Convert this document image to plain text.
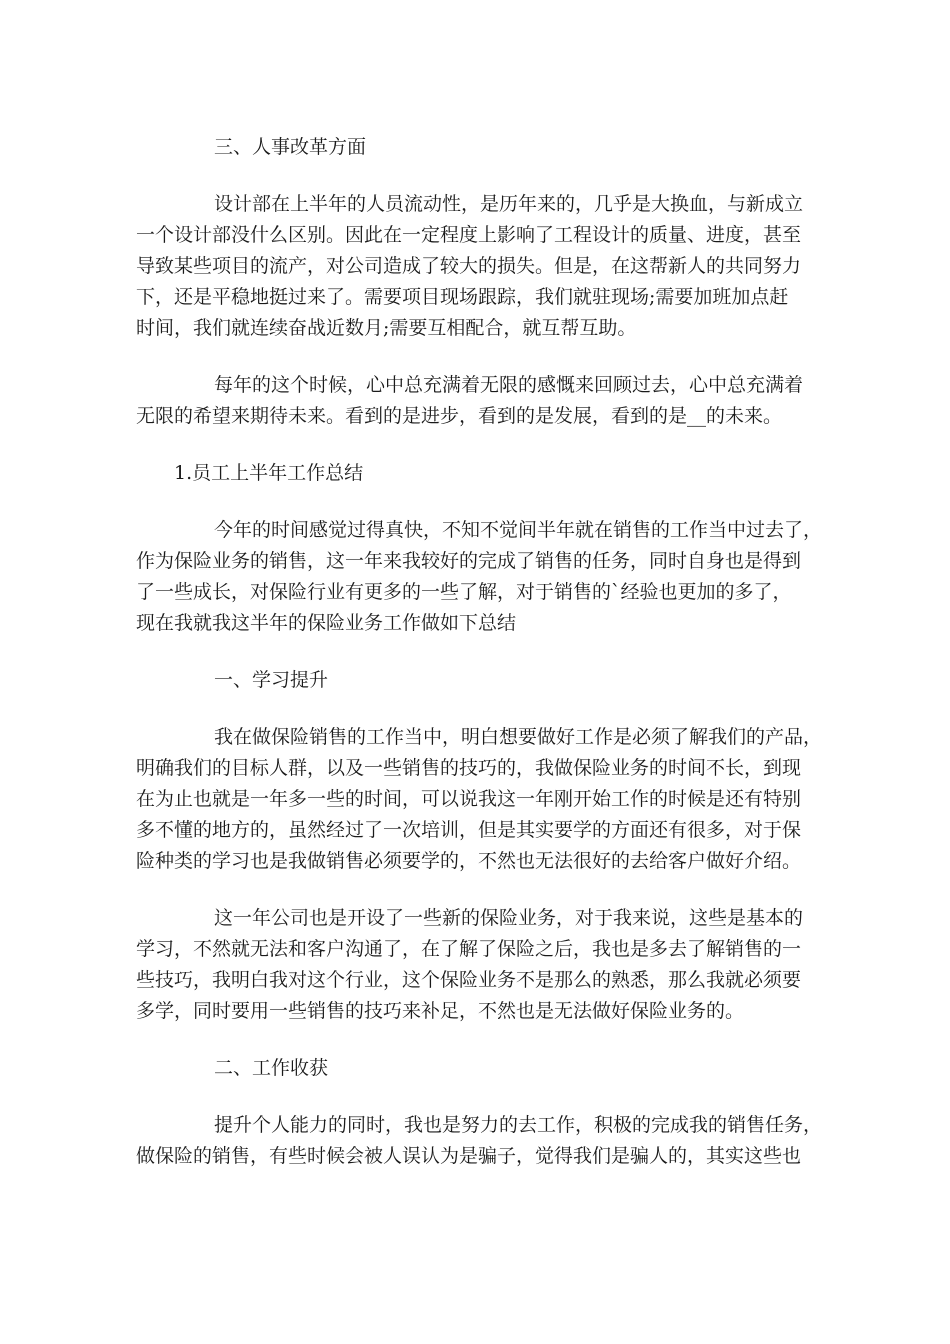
三、人事改革方面

设计部在上半年的人员流动性，是历年来的，几乎是大换血，与新成立
一个设计部没什么区别。因此在一定程度上影响了工程设计的质量、进度，甚至
导致某些项目的流产，对公司造成了较大的损失。但是，在这帮新人的共同努力
下，还是平稳地挺过来了。需要项目现场跟踪，我们就驻现场;需要加班加点赶
时间，我们就连续奋战近数月;需要互相配合，就互帮互助。

每年的这个时候，心中总充满着无限的感慨来回顾过去，心中总充满着
无限的希望来期待未来。看到的是进步，看到的是发展，看到的是__的未来。

1.员工上半年工作总结

今年的时间感觉过得真快，不知不觉间半年就在销售的工作当中过去了，
作为保险业务的销售，这一年来我较好的完成了销售的任务，同时自身也是得到
了一些成长，对保险行业有更多的一些了解，对于销售的`经验也更加的多了，
现在我就我这半年的保险业务工作做如下总结

一、学习提升

我在做保险销售的工作当中，明白想要做好工作是必须了解我们的产品，
明确我们的目标人群，以及一些销售的技巧的，我做保险业务的时间不长，到现
在为止也就是一年多一些的时间，可以说我这一年刚开始工作的时候是还有特别
多不懂的地方的，虽然经过了一次培训，但是其实要学的方面还有很多，对于保
险种类的学习也是我做销售必须要学的，不然也无法很好的去给客户做好介绍。

这一年公司也是开设了一些新的保险业务，对于我来说，这些是基本的
学习，不然就无法和客户沟通了，在了解了保险之后，我也是多去了解销售的一
些技巧，我明白我对这个行业，这个保险业务不是那么的熟悉，那么我就必须要
多学，同时要用一些销售的技巧来补足，不然也是无法做好保险业务的。

二、工作收获

提升个人能力的同时，我也是努力的去工作，积极的完成我的销售任务，
做保险的销售，有些时候会被人误认为是骗子，觉得我们是骗人的，其实这些也
